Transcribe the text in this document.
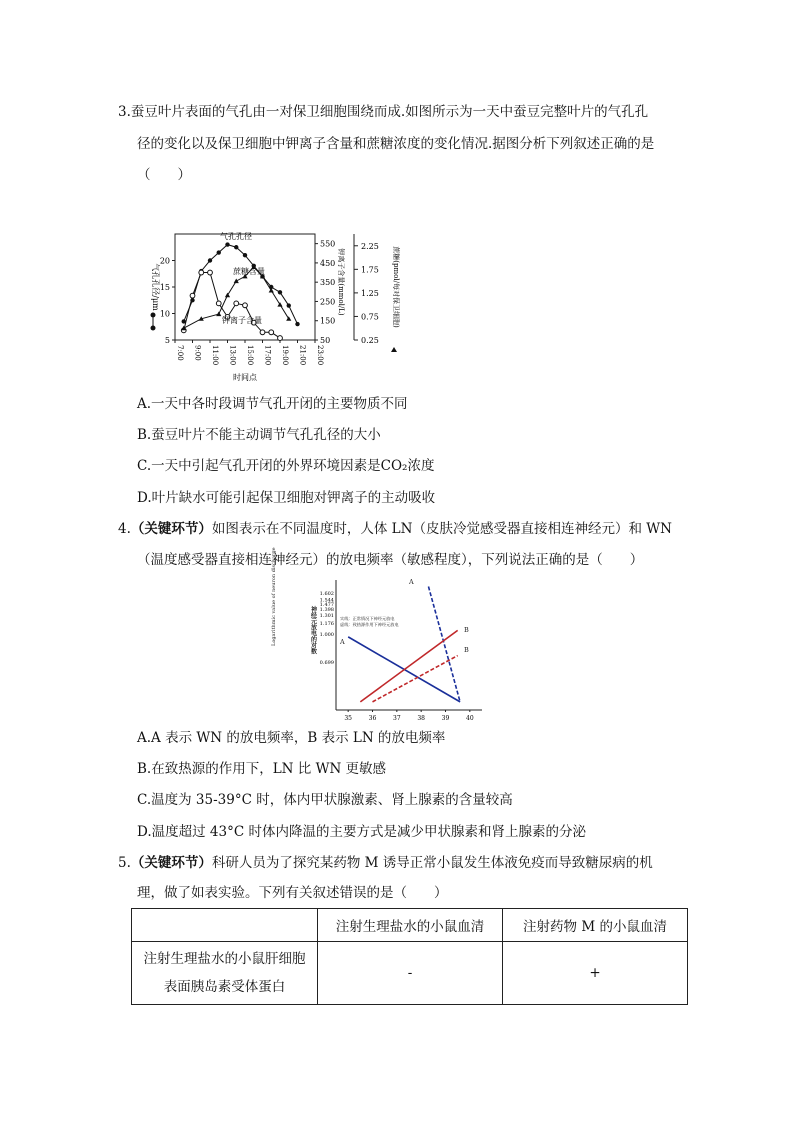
3.蚕豆叶片表面的气孔由一对保卫细胞围绕而成.如图所示为一天中蚕豆完整叶片的气孔孔
径的变化以及保卫细胞中钾离子含量和蔗糖浓度的变化情况.据图分析下列叙述正确的是
（　　）
5
10
15
20
气孔孔径/μm
50
150
250
350
450
550
钾离子含量(mmol/L)
0.25
0.75
1.25
1.75
2.25
蔗糖(pmol/每对保卫细胞)
7:00 9:00 11:00 13:00 15:00 17:00 19:00 21:00 23:00
时间点
气孔孔径
蔗糖含量
钾离子含量
A.一天中各时段调节气孔开闭的主要物质不同
B.蚕豆叶片不能主动调节气孔孔径的大小
C.一天中引起气孔开闭的外界环境因素是CO₂浓度
D.叶片缺水可能引起保卫细胞对钾离子的主动吸收
4.（关键环节）如图表示在不同温度时，人体 LN（皮肤冷觉感受器直接相连神经元）和 WN
（温度感受器直接相连神经元）的放电频率（敏感程度），下列说法正确的是（　　）
0.699
1.000
1.176
1.301
1.398
1.477
1.544
1.602
35	36	37	38	39	40
神经元放电的对数
Logarithmic value of neuron discharge	实线：正常情况下神经元放电
虚线：致热源作用下神经元放电
A
A
B
B
A.A 表示 WN 的放电频率，B 表示 LN 的放电频率
B.在致热源的作用下，LN 比 WN 更敏感
C.温度为 35-39°C 时，体内甲状腺激素、肾上腺素的含量较高
D.温度超过 43°C 时体内降温的主要方式是减少甲状腺素和肾上腺素的分泌
5.（关键环节）科研人员为了探究某药物 M 诱导正常小鼠发生体液免疫而导致糖尿病的机
理，做了如表实验。下列有关叙述错误的是（　　）
	注射生理盐水的小鼠血清	注射药物 M 的小鼠血清

注射生理盐水的小鼠肝细胞
表面胰岛素受体蛋白	-	+
